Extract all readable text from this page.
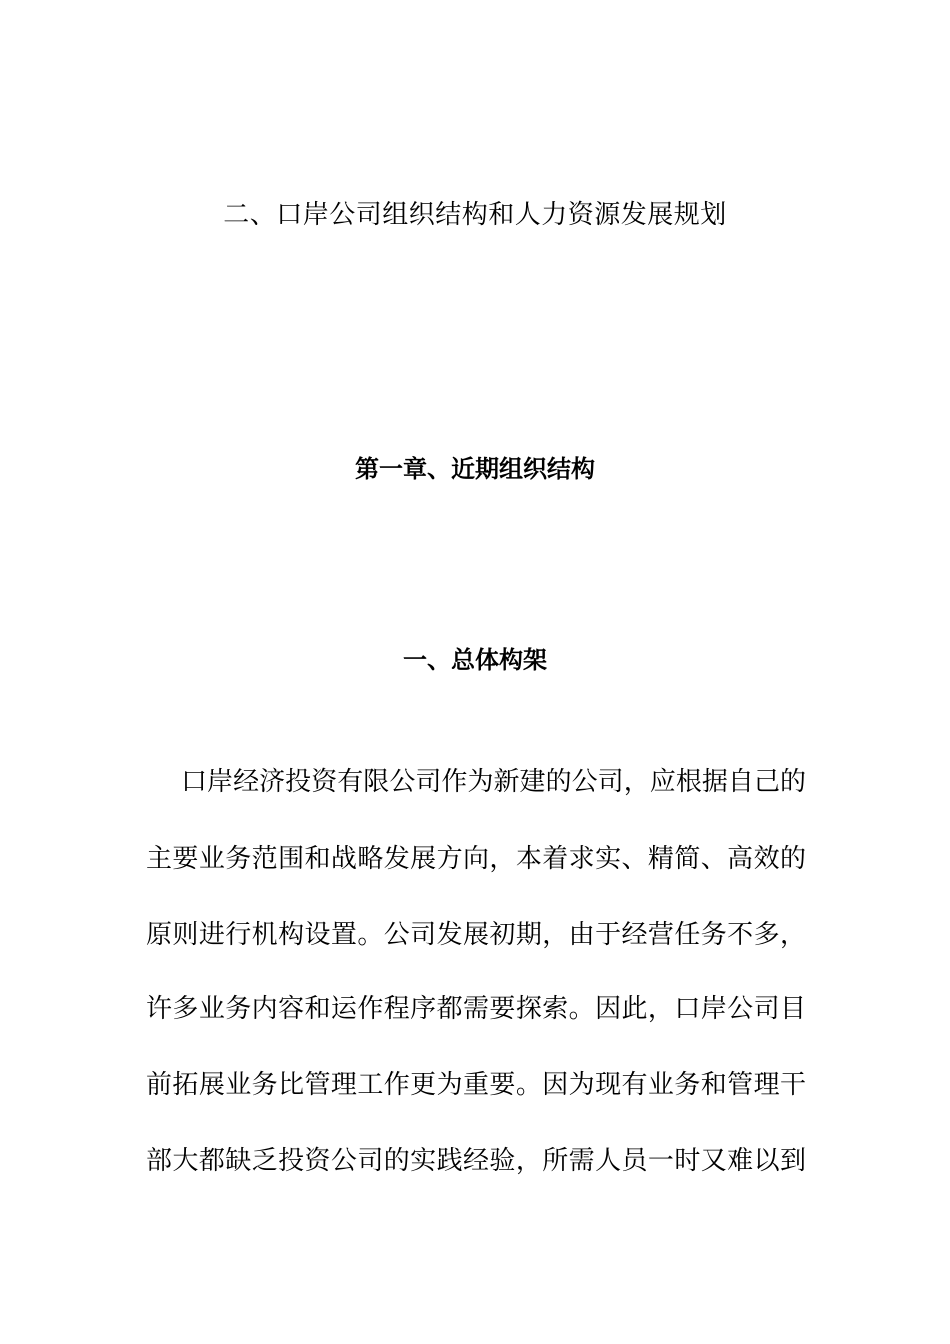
二、口岸公司组织结构和人力资源发展规划
第一章、近期组织结构
一、总体构架
口岸经济投资有限公司作为新建的公司，应根据自己的
主要业务范围和战略发展方向，本着求实、精简、高效的
原则进行机构设置。公司发展初期，由于经营任务不多，
许多业务内容和运作程序都需要探索。因此，口岸公司目
前拓展业务比管理工作更为重要。因为现有业务和管理干
部大都缺乏投资公司的实践经验，所需人员一时又难以到
